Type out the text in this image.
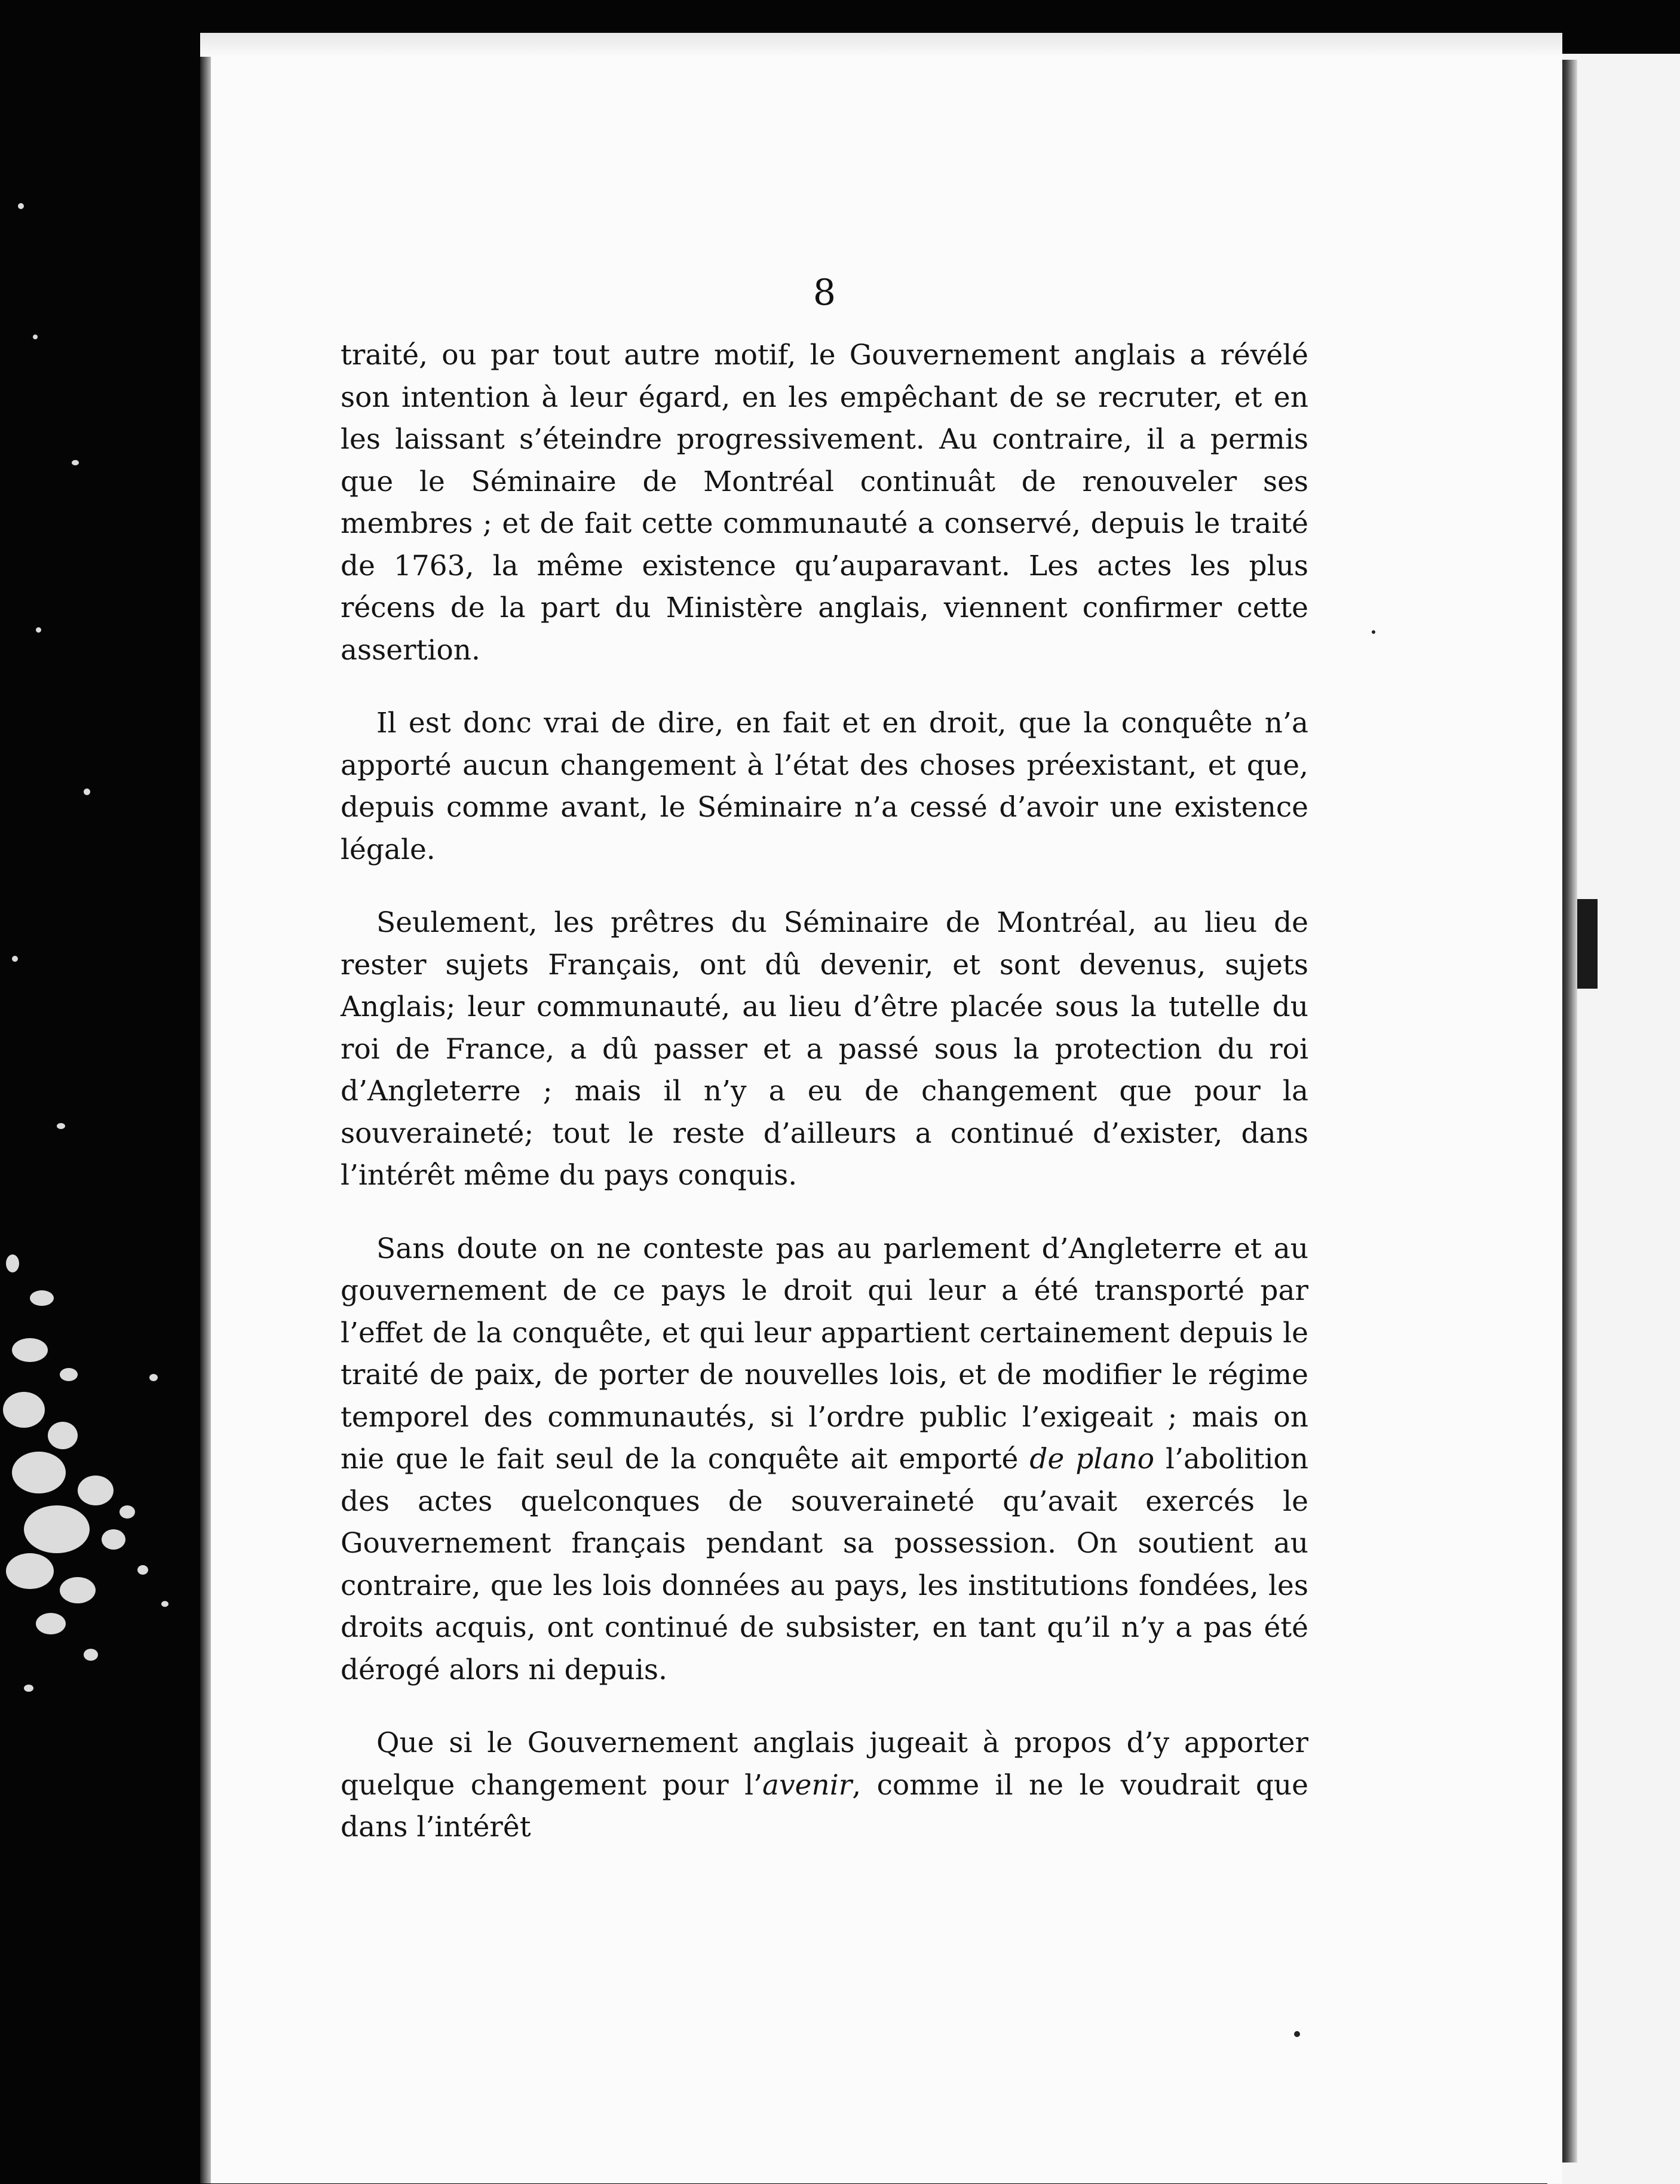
8

traité, ou par tout autre motif, le Gouvernement anglais a révélé son intention à leur égard, en les empêchant de se recruter, et en les laissant s’éteindre progressivement. Au contraire, il a permis que le Séminaire de Montréal continuât de renouveler ses membres ; et de fait cette communauté a conservé, depuis le traité de 1763, la même existence qu’auparavant. Les actes les plus récens de la part du Ministère anglais, viennent confirmer cette assertion.

Il est donc vrai de dire, en fait et en droit, que la conquête n’a apporté aucun changement à l’état des choses préexistant, et que, depuis comme avant, le Séminaire n’a cessé d’avoir une existence légale.

Seulement, les prêtres du Séminaire de Montréal, au lieu de rester sujets Français, ont dû devenir, et sont devenus, sujets Anglais; leur communauté, au lieu d’être placée sous la tutelle du roi de France, a dû passer et a passé sous la protection du roi d’Angleterre ; mais il n’y a eu de changement que pour la souveraineté; tout le reste d’ailleurs a continué d’exister, dans l’intérêt même du pays conquis.

Sans doute on ne conteste pas au parlement d’Angleterre et au gouvernement de ce pays le droit qui leur a été transporté par l’effet de la conquête, et qui leur appartient certainement depuis le traité de paix, de porter de nouvelles lois, et de modifier le régime temporel des communautés, si l’ordre public l’exigeait ; mais on nie que le fait seul de la conquête ait emporté de plano l’abolition des actes quelconques de souveraineté qu’avait exercés le Gouvernement français pendant sa possession. On soutient au contraire, que les lois données au pays, les institutions fondées, les droits acquis, ont continué de subsister, en tant qu’il n’y a pas été dérogé alors ni depuis.

Que si le Gouvernement anglais jugeait à propos d’y apporter quelque changement pour l’avenir, comme il ne le voudrait que dans l’intérêt
